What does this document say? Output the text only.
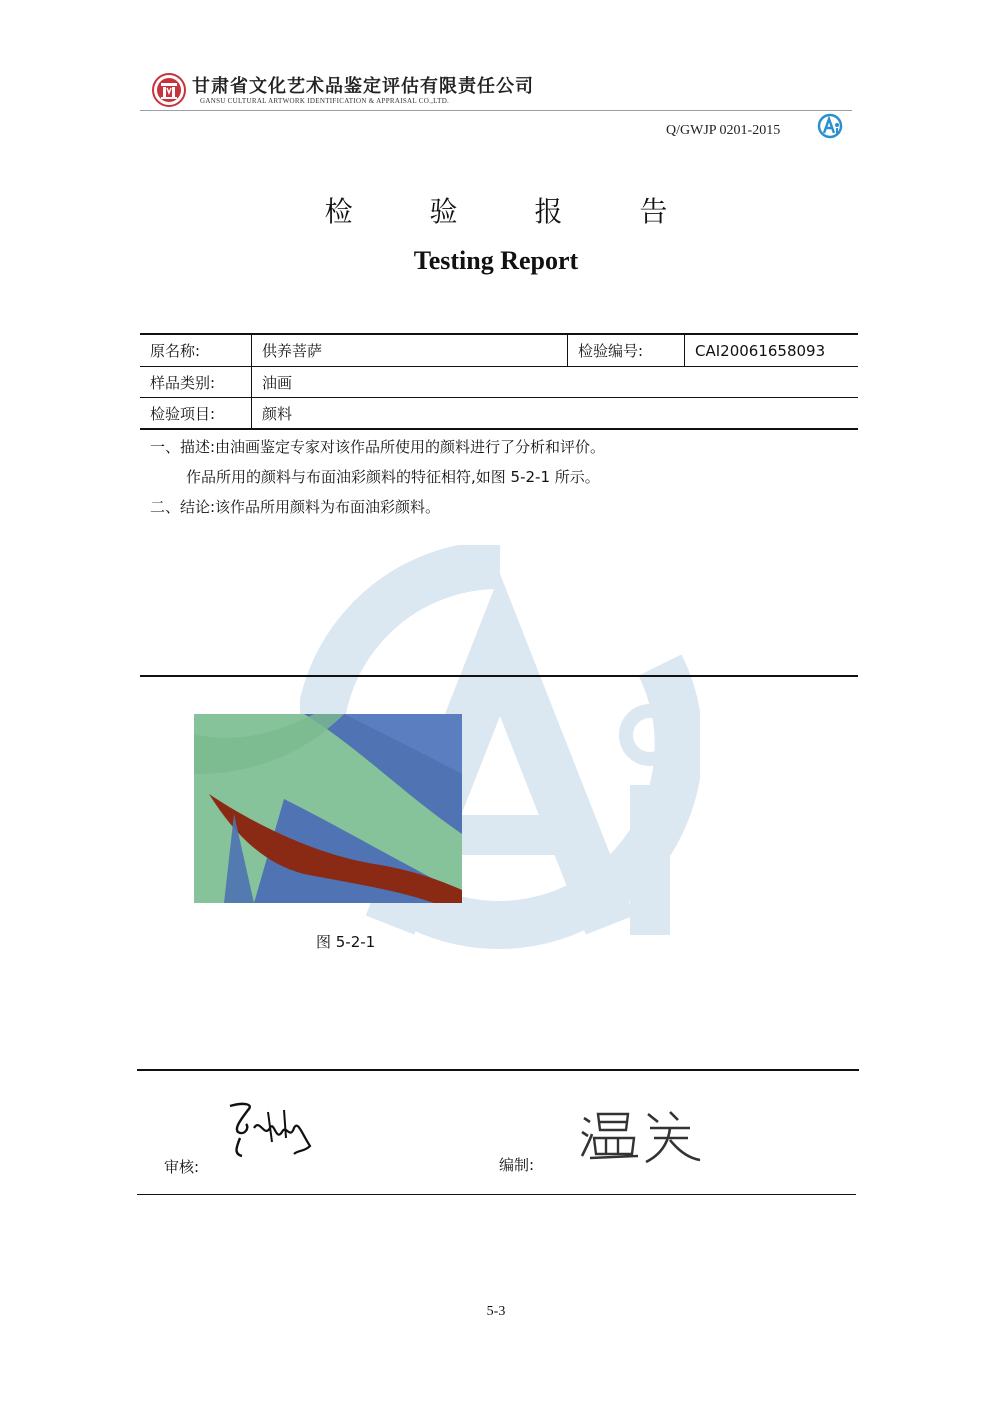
甘肃省文化艺术品鉴定评估有限责任公司
GANSU CULTURAL ARTWORK IDENTIFICATION & APPRAISAL CO.,LTD.
Q/GWJP 0201-2015
检 验 报 告
Testing Report
原名称:	供养菩萨	检验编号:	CAI20061658093
样品类别:	油画		
检验项目:	颜料		
一、描述:由油画鉴定专家对该作品所使用的颜料进行了分析和评价。
作品所用的颜料与布面油彩颜料的特征相符,如图 5-2-1 所示。
二、结论:该作品所用颜料为布面油彩颜料。
图 5-2-1
审核:	编制:
5-3
